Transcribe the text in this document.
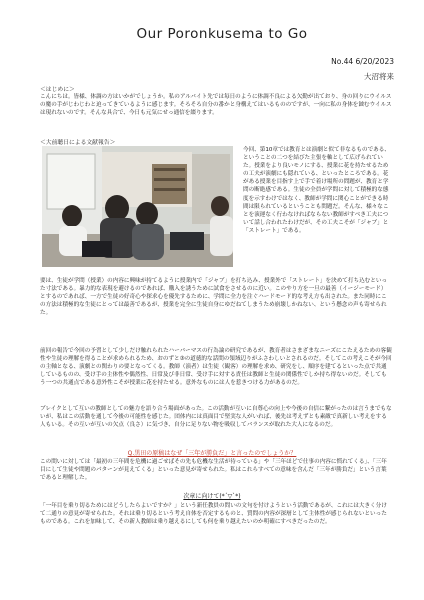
Our Poronkusema to Go
No.44 6/20/2023
大沼将来
＜はじめに＞
こんにちは。皆様、体調の方はいかがでしょうか。私のアルバイト先では毎日のように体調不良による欠勤が出ており、身の回りにウイルスの魔の手がじわじわと迫ってきているように感じます。そろそろ自分の番かと身構えてはいるもののですが、一向に私の身体を蝕むウイルスは現れないのです。そんな具合で、今日も元気にせっ通信を綴ります。
＜大前聴日による文献報告＞
今回、第10章では教育とは演劇と似て非なるものである、ということの二つを結びた主張を軸として広げられていた。授業をより良いモノにする、授業に花を持たせるための工夫が演劇にも隠れている、といったところである。花がある授業を目指す上で手で着け場所の問題が、教育と学問の断絶感である。生徒の全員が学問に対して積極的な態度を示すわけではなく、教師が学問に関心ことができる時間は限られているということも問題だ。そんな、様々なことを演運なく行わなければならない教師がすべき工夫について話し合われたわけだが、その工夫こそが「ジャブ」と「ストレート」である。
要は、生徒が学問（授業）の内容に興味が持てるように授業内で「ジャブ」を打ち込み、授業外で「ストレート」を決めて打ち込むといった寸法である。暴力的な表現を避けるのであれば、購入を誘うために試食をさせるのに近い。このやり方を一旦の最善（イージーモード）とするのであれば、一方で生徒の好奇心や探求心を優先するために、学問に全力を注ぐハードモード的な考え方も出された。また同時にこの方法は積極的な生徒にとっては最善であるが、授業を完全に生徒自身にゆだねてしまうため崩壊しかねない、という懸念の声も寄せられた。
前回の報告で今回の予習として少しだけ触れられたハーバーマスの行為論の研究であるが、教育者はさまざまなニーズにこたえるための客観性や生徒の理解を得ることが求められるため、おのずと③の道徳的な話問の領域辺りがふさわしいとされるのだ。そしてこの考えこそが今回の主軸となる、演劇との関わりの要となってくる。教師（演者）は生徒（観客）の理解を求め、研究をし、順序を建てるといった点で共通しているものの、受け手の主体性や偶然性、日常及び非日常、受け手に対する責任は教師と生徒の関係性でしか持ち得ないのだ。そしてもう一つの共通点である意外性こそが授業に花を持たせる。意外なものには人を惹きつける力があるのだ。
ブレイクとして互いの教師としての魅力を語り合う場面があった。この活動が互いに自尊心の向上や今後の自信に繋がったのは言うまでもないが、私はこの活動を通して今後の可能性を感じた。団体内には真面目で堅実な人がいれば、後先は考えずとも素敵で真新しい考えをする人もいる。その互いが互いの欠点（良さ）に気づき、自分に足りない物を吸収してバランスが取れた大人になるのだ。
Q.黒田の原稿はなぜ「三年が勝負だ」と言ったのでしょうか？
この問いに対しては「最初の三年間を危機に過ごせばその先も危機な生活が待っている」や「三年ほどで仕事の内容に慣れてくる」、「三年目にして生徒や問題のパターンが見えてくる」といった意見が寄せられた。私はこれらすべての意味を含んだ「三年が勝負だ」という言葉であると理解した。
次章に向けて(*´▽`*)
「一年目を乗り切るためにはどうしたらよいですか？」という新任教員の問いの文句を付けようという活動であるが、これには大きく分けて二通りの意見が寄せられた。それは乗り切るという考え自体を否定するものと、質問の内容が深層として主体性が感じられないといったものである。これを加味して、その新人教師は乗り越えるにしても何を乗り越えたいのか明確にすべきだったのだ。
